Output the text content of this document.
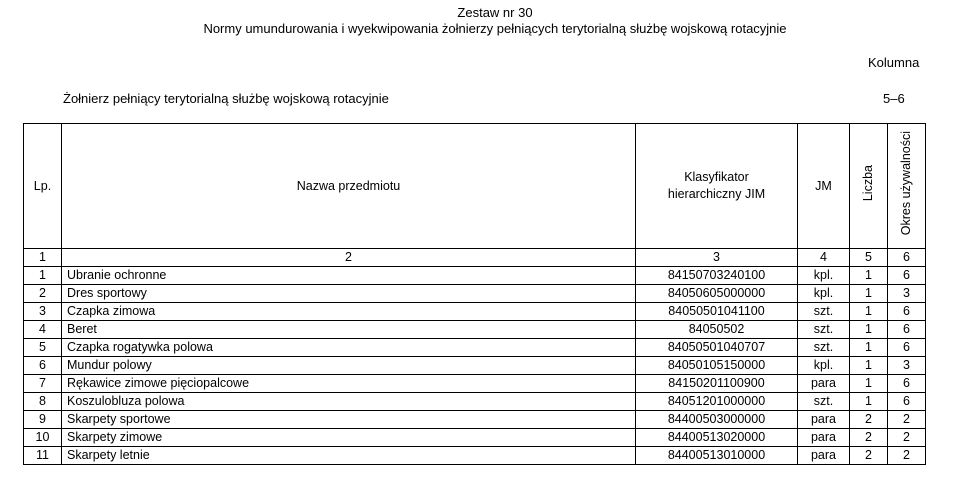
Zestaw nr 30
Normy umundurowania i wyekwipowania żołnierzy pełniących terytorialną służbę wojskową rotacyjnie
Kolumna
Żołnierz pełniący terytorialną służbę wojskową rotacyjnie	5–6
Lp.	Nazwa przedmiotu	Klasyfikator hierarchiczny JIM	JM	Liczba	Okres używalności
1	2	3	4	5	6
1	Ubranie ochronne	84150703240100	kpl.	1	6
2	Dres sportowy	84050605000000	kpl.	1	3
3	Czapka zimowa	84050501041100	szt.	1	6
4	Beret	84050502	szt.	1	6
5	Czapka rogatywka polowa	84050501040707	szt.	1	6
6	Mundur polowy	84050105150000	kpl.	1	3
7	Rękawice zimowe pięciopalcowe	84150201100900	para	1	6
8	Koszulobluza polowa	84051201000000	szt.	1	6
9	Skarpety sportowe	84400503000000	para	2	2
10	Skarpety zimowe	84400513020000	para	2	2
11	Skarpety letnie	84400513010000	para	2	2
